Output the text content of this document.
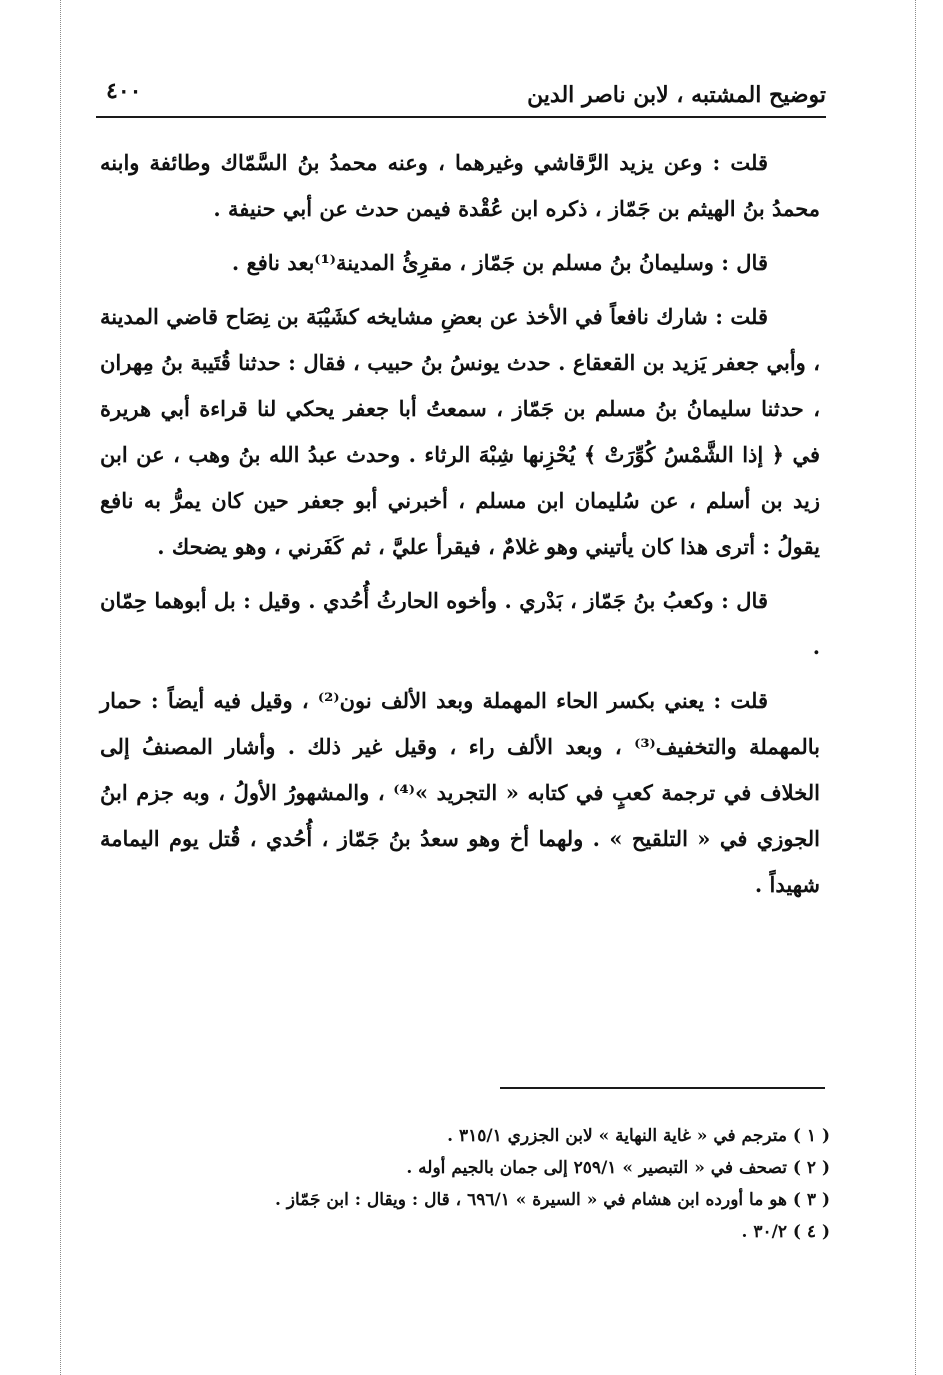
توضيح المشتبه ، لابن ناصر الدين
٤٠٠

قلت : وعن يزيد الرَّقاشي وغيرهما ، وعنه محمدُ بنُ السَّمّاك وطائفة وابنه محمدُ بنُ الهيثم بن جَمّاز ، ذكره ابن عُقْدة فيمن حدث عن أبي حنيفة .

قال : وسليمانُ بنُ مسلم بن جَمّاز ، مقرِئُ المدينة⁽¹⁾بعد نافع .

قلت : شارك نافعاً في الأخذ عن بعضِ مشايخه كشَيْبَة بن نِصَاح قاضي المدينة ، وأبي جعفر يَزيد بن القعقاع . حدث يونسُ بنُ حبيب ، فقال : حدثنا قُتَيبة بنُ مِهران ، حدثنا سليمانُ بنُ مسلم بن جَمّاز ، سمعتُ أبا جعفر يحكي لنا قراءة أبي هريرة في ﴿ إذا الشَّمْسُ كُوِّرَتْ ﴾ يُحْزِنها شِبْهَ الرثاء . وحدث عبدُ الله بنُ وهب ، عن ابن زيد بن أسلم ، عن سُليمان ابن مسلم ، أخبرني أبو جعفر حين كان يمرُّ به نافع يقولُ : أترى هذا كان يأتيني وهو غلامٌ ، فيقرأ عليَّ ، ثم كَفَرني ، وهو يضحك .

قال : وكعبُ بنُ جَمّاز ، بَدْري . وأخوه الحارثُ أُحُدي . وقيل : بل أبوهما حِمّان .

قلت : يعني بكسر الحاء المهملة وبعد الألف نون⁽²⁾ ، وقيل فيه أيضاً : حمار بالمهملة والتخفيف⁽³⁾ ، وبعد الألف راء ، وقيل غير ذلك . وأشار المصنفُ إلى الخلاف في ترجمة كعبٍ في كتابه « التجريد »⁽⁴⁾ ، والمشهورُ الأولُ ، وبه جزم ابنُ الجوزي في « التلقيح » . ولهما أخ وهو سعدُ بنُ جَمّاز ، أُحُدي ، قُتل يوم اليمامة شهيداً .

( ١ ) مترجم في « غاية النهاية » لابن الجزري ٣١٥/١ .

( ٢ ) تصحف في « التبصير » ٢٥٩/١ إلى جمان بالجيم أوله .

( ٣ ) هو ما أورده ابن هشام في « السيرة » ٦٩٦/١ ، قال : ويقال : ابن جَمّاز .

( ٤ ) ٣٠/٢ .
